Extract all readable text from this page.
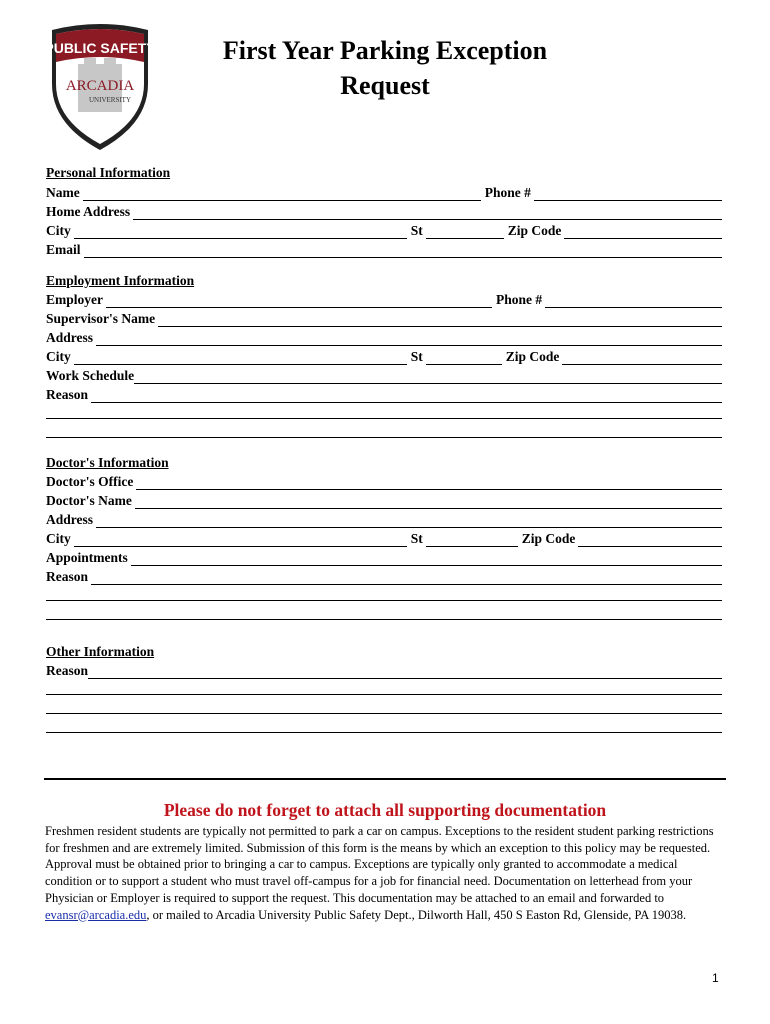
PUBLIC SAFETY
ARCADIA
UNIVERSITY
First Year Parking Exception
Request
Personal Information
Name	Phone #
Home Address
City	St	Zip Code
Email
Employment Information
Employer	Phone #
Supervisor's Name
Address
City	St	Zip Code
Work Schedule
Reason
Doctor's Information
Doctor's Office
Doctor's Name
Address
City	St	Zip Code
Appointments
Reason
Other Information
Reason
Please do not forget to attach all supporting documentation
Freshmen resident students are typically not permitted to park a car on campus. Exceptions to the resident student parking restrictions for freshmen and are extremely limited. Submission of this form is the means by which an exception to this policy may be requested. Approval must be obtained prior to bringing a car to campus. Exceptions are typically only granted to accommodate a medical condition or to support a student who must travel off-campus for a job for financial need. Documentation on letterhead from your Physician or Employer is required to support the request. This documentation may be attached to an email and forwarded to evansr@arcadia.edu, or mailed to Arcadia University Public Safety Dept., Dilworth Hall, 450 S Easton Rd, Glenside, PA 19038.
1
